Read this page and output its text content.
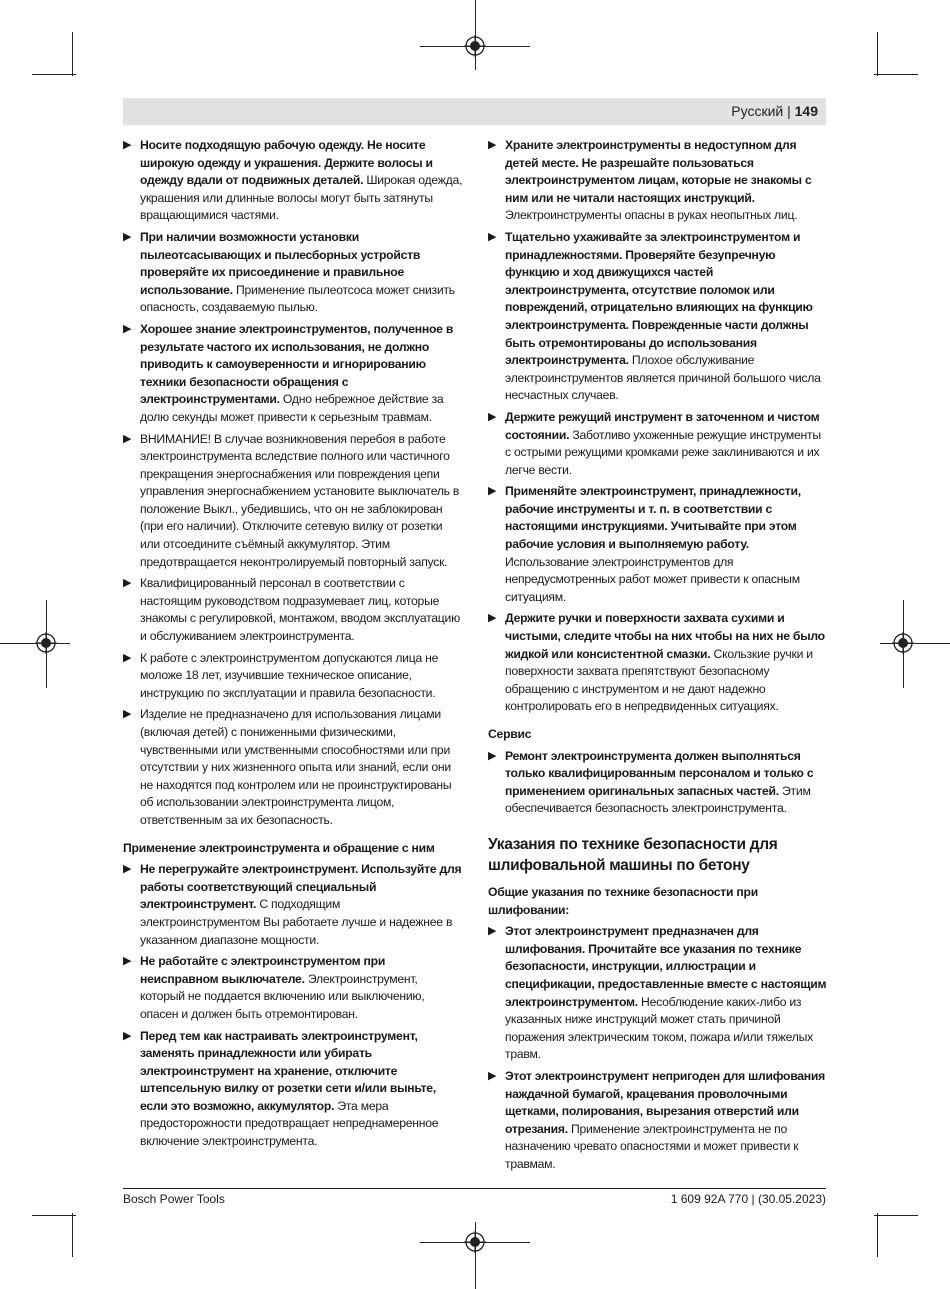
Русский | 149
▶ Носите подходящую рабочую одежду. Не носите широкую одежду и украшения. Держите волосы и одежду вдали от подвижных деталей. Широкая одежда, украшения или длинные волосы могут быть затянуты вращающимися частями.
▶ При наличии возможности установки пылеотсасывающих и пылесборных устройств проверяйте их присоединение и правильное использование. Применение пылеотсоса может снизить опасность, создаваемую пылью.
▶ Хорошее знание электроинструментов, полученное в результате частого их использования, не должно приводить к самоуверенности и игнорированию техники безопасности обращения с электроинструментами. Одно небрежное действие за долю секунды может привести к серьезным травмам.
▶ ВНИМАНИЕ! В случае возникновения перебоя в работе электроинструмента вследствие полного или частичного прекращения энергоснабжения или повреждения цепи управления энергоснабжением установите выключатель в положение Выкл., убедившись, что он не заблокирован (при его наличии). Отключите сетевую вилку от розетки или отсоедините съёмный аккумулятор. Этим предотвращается неконтролируемый повторный запуск.
▶ Квалифицированный персонал в соответствии с настоящим руководством подразумевает лиц, которые знакомы с регулировкой, монтажом, вводом эксплуатацию и обслуживанием электроинструмента.
▶ К работе с электроинструментом допускаются лица не моложе 18 лет, изучившие техническое описание, инструкцию по эксплуатации и правила безопасности.
▶ Изделие не предназначено для использования лицами (включая детей) с пониженными физическими, чувственными или умственными способностями или при отсутствии у них жизненного опыта или знаний, если они не находятся под контролем или не проинструктированы об использовании электроинструмента лицом, ответственным за их безопасность.
Применение электроинструмента и обращение с ним
▶ Не перегружайте электроинструмент. Используйте для работы соответствующий специальный электроинструмент. С подходящим электроинструментом Вы работаете лучше и надежнее в указанном диапазоне мощности.
▶ Не работайте с электроинструментом при неисправном выключателе. Электроинструмент, который не поддается включению или выключению, опасен и должен быть отремонтирован.
▶ Перед тем как настраивать электроинструмент, заменять принадлежности или убирать электроинструмент на хранение, отключите штепсельную вилку от розетки сети и/или выньте, если это возможно, аккумулятор. Эта мера предосторожности предотвращает непреднамеренное включение электроинструмента.
▶ Храните электроинструменты в недоступном для детей месте. Не разрешайте пользоваться электроинструментом лицам, которые не знакомы с ним или не читали настоящих инструкций. Электроинструменты опасны в руках неопытных лиц.
▶ Тщательно ухаживайте за электроинструментом и принадлежностями. Проверяйте безупречную функцию и ход движущихся частей электроинструмента, отсутствие поломок или повреждений, отрицательно влияющих на функцию электроинструмента. Поврежденные части должны быть отремонтированы до использования электроинструмента. Плохое обслуживание электроинструментов является причиной большого числа несчастных случаев.
▶ Держите режущий инструмент в заточенном и чистом состоянии. Заботливо ухоженные режущие инструменты с острыми режущими кромками реже заклиниваются и их легче вести.
▶ Применяйте электроинструмент, принадлежности, рабочие инструменты и т. п. в соответствии с настоящими инструкциями. Учитывайте при этом рабочие условия и выполняемую работу. Использование электроинструментов для непредусмотренных работ может привести к опасным ситуациям.
▶ Держите ручки и поверхности захвата сухими и чистыми, следите чтобы на них чтобы на них не было жидкой или консистентной смазки. Скользкие ручки и поверхности захвата препятствуют безопасному обращению с инструментом и не дают надежно контролировать его в непредвиденных ситуациях.
Сервис
▶ Ремонт электроинструмента должен выполняться только квалифицированным персоналом и только с применением оригинальных запасных частей. Этим обеспечивается безопасность электроинструмента.
Указания по технике безопасности для шлифовальной машины по бетону
Общие указания по технике безопасности при шлифовании:
▶ Этот электроинструмент предназначен для шлифования. Прочитайте все указания по технике безопасности, инструкции, иллюстрации и спецификации, предоставленные вместе с настоящим электроинструментом. Несоблюдение каких-либо из указанных ниже инструкций может стать причиной поражения электрическим током, пожара и/или тяжелых травм.
▶ Этот электроинструмент непригоден для шлифования наждачной бумагой, крацевания проволочными щетками, полирования, вырезания отверстий или отрезания. Применение электроинструмента не по назначению чревато опасностями и может привести к травмам.
Bosch Power Tools	1 609 92A 770 | (30.05.2023)
